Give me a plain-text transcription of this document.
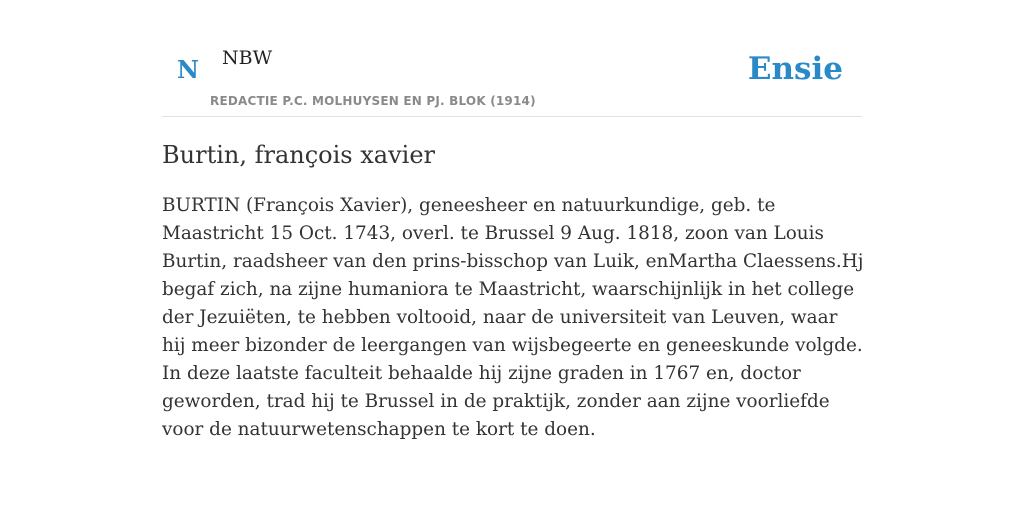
N NBW
REDACTIE P.C. MOLHUYSEN EN PJ. BLOK (1914)
Ensie
Burtin, françois xavier

BURTIN (François Xavier), geneesheer en natuurkundige, geb. te Maastricht 15 Oct. 1743, overl. te Brussel 9 Aug. 1818, zoon van Louis Burtin, raadsheer van den prins-bisschop van Luik, enMartha Claessens.Hj begaf zich, na zijne humaniora te Maastricht, waarschijnlijk in het college der Jezuiëten, te hebben voltooid, naar de universiteit van Leuven, waar hij meer bizonder de leergangen van wijsbegeerte en geneeskunde volgde. In deze laatste faculteit behaalde hij zijne graden in 1767 en, doctor geworden, trad hij te Brussel in de praktijk, zonder aan zijne voorliefde voor de natuurwetenschappen te kort te doen.
